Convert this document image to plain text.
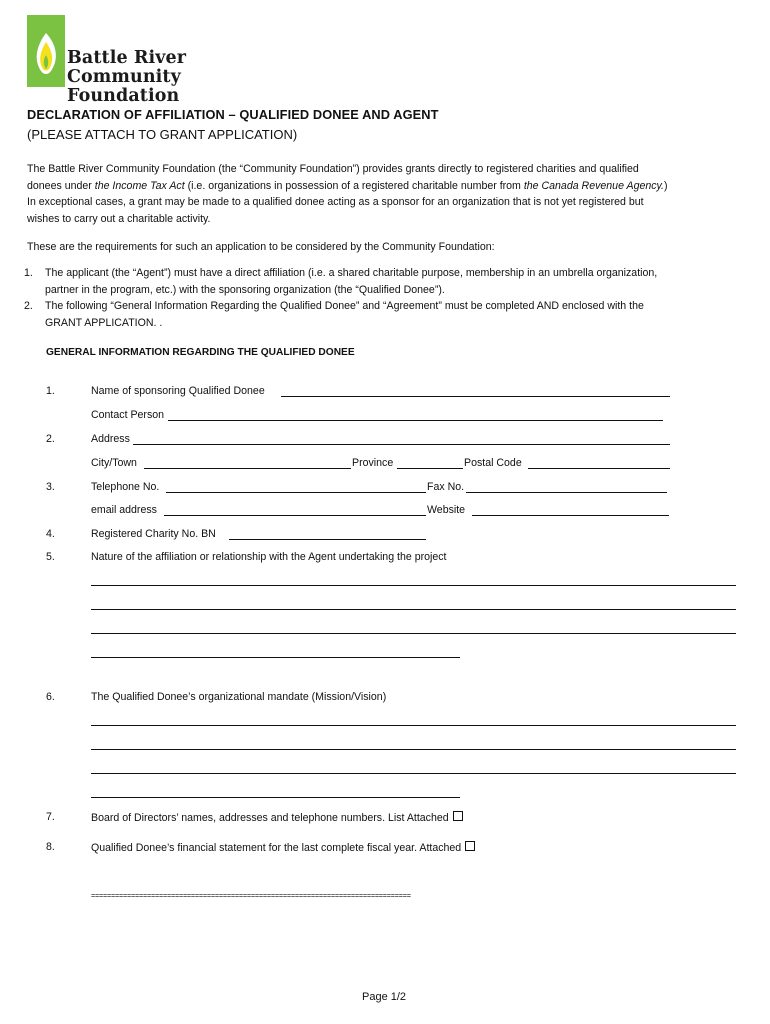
Battle River
Community Foundation
DECLARATION OF AFFILIATION – QUALIFIED DONEE AND AGENT
(PLEASE ATTACH TO GRANT APPLICATION)
The Battle River Community Foundation (the “Community Foundation”) provides grants directly to registered charities and qualified
donees under the Income Tax Act (i.e. organizations in possession of a registered charitable number from the Canada Revenue Agency.)
In exceptional cases, a grant may be made to a qualified donee acting as a sponsor for an organization that is not yet registered but
wishes to carry out a charitable activity.
These are the requirements for such an application to be considered by the Community Foundation:
1. The applicant (the “Agent”) must have a direct affiliation (i.e. a shared charitable purpose, membership in an umbrella organization,
partner in the program, etc.) with the sponsoring organization (the “Qualified Donee”).
2. The following “General Information Regarding the Qualified Donee” and “Agreement” must be completed AND enclosed with the
GRANT APPLICATION. .
GENERAL INFORMATION REGARDING THE QUALIFIED DONEE
1.	Name of sponsoring Qualified Donee
Contact Person
2.	Address
City/Town	Province	Postal Code
3.	Telephone No.	Fax No.
email address	Website
4.	Registered Charity No. BN
5.	Nature of the affiliation or relationship with the Agent undertaking the project
6.	The Qualified Donee’s organizational mandate (Mission/Vision)
7.	Board of Directors’ names, addresses and telephone numbers. List Attached
8.	Qualified Donee’s financial statement for the last complete fiscal year. Attached
================================================================================
Page 1/2
